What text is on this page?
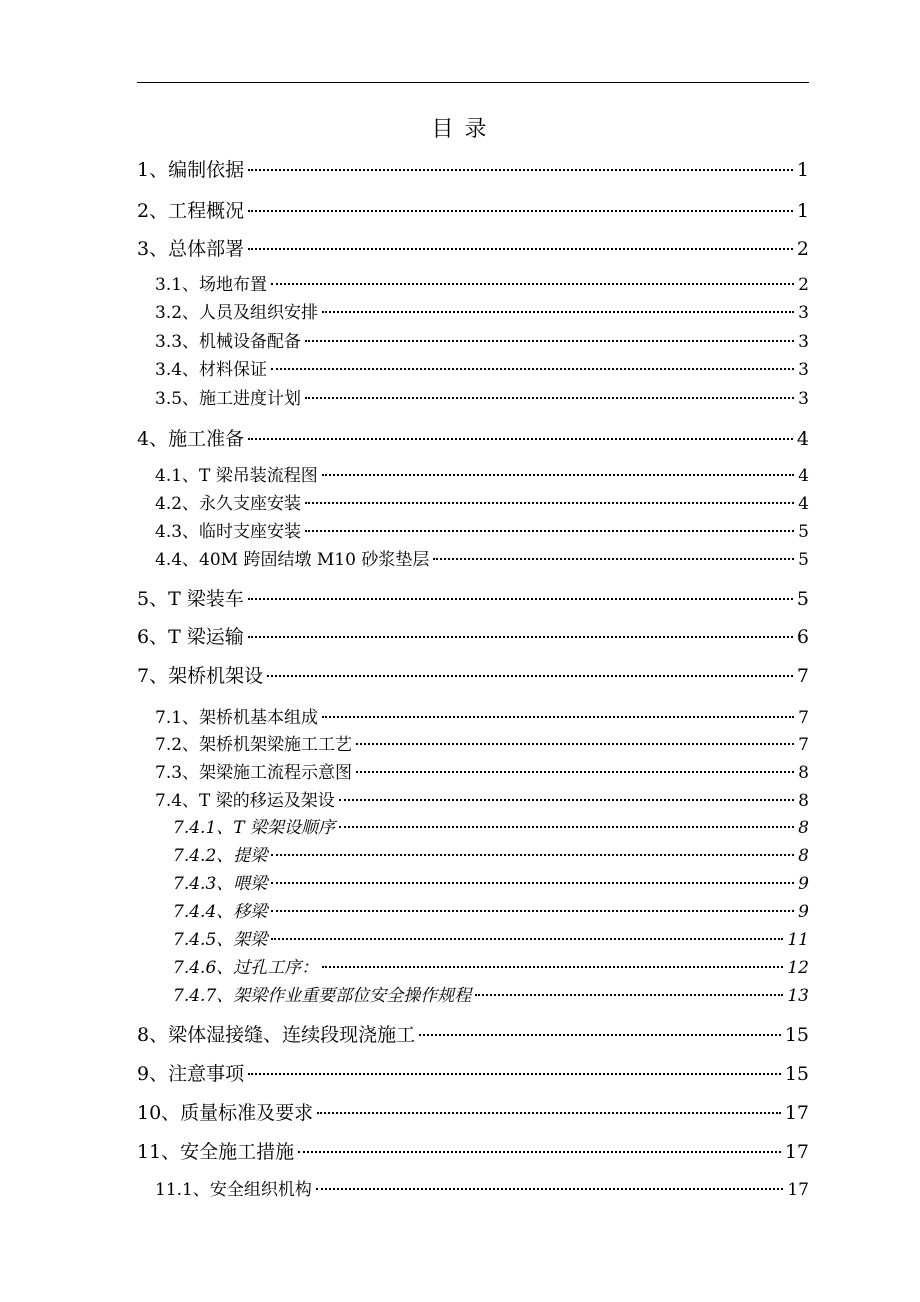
目 录
1、编制依据	1
2、工程概况	1
3、总体部署	2
3.1、场地布置	2
3.2、人员及组织安排	3
3.3、机械设备配备	3
3.4、材料保证	3
3.5、施工进度计划	3
4、施工准备	4
4.1、T 梁吊装流程图	4
4.2、永久支座安装	4
4.3、临时支座安装	5
4.4、40M 跨固结墩 M10 砂浆垫层	5
5、T 梁装车	5
6、T 梁运输	6
7、架桥机架设	7
7.1、架桥机基本组成	7
7.2、架桥机架梁施工工艺	7
7.3、架梁施工流程示意图	8
7.4、T 梁的移运及架设	8
7.4.1、T 梁架设顺序	8
7.4.2、提梁	8
7.4.3、喂梁	9
7.4.4、移梁	9
7.4.5、架梁	11
7.4.6、过孔工序：	12
7.4.7、架梁作业重要部位安全操作规程	13
8、梁体湿接缝、连续段现浇施工	15
9、注意事项	15
10、质量标准及要求	17
11、安全施工措施	17
11.1、安全组织机构	17
